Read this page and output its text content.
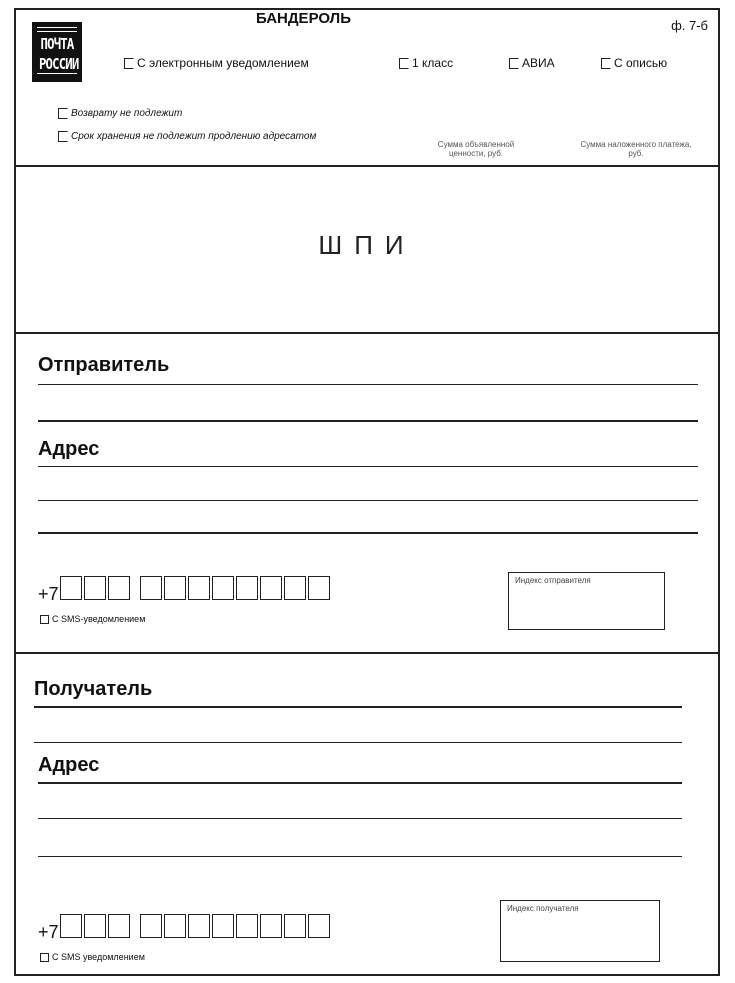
ПОЧТА
РОССИИ
БАНДЕРОЛЬ	ф. 7-б
С электронным уведомлением	1 класс	АВИА	С описью
Возврату не подлежит
Срок хранения не подлежит продлению адресатом
Сумма объявленной ценности, руб.
Сумма наложенного платежа, руб.
ШПИ
Отправитель
Адрес
+7
С SMS-уведомлением
Индекс отправителя
Получатель
Адрес
+7
С SMS уведомлением
Индекс получателя
